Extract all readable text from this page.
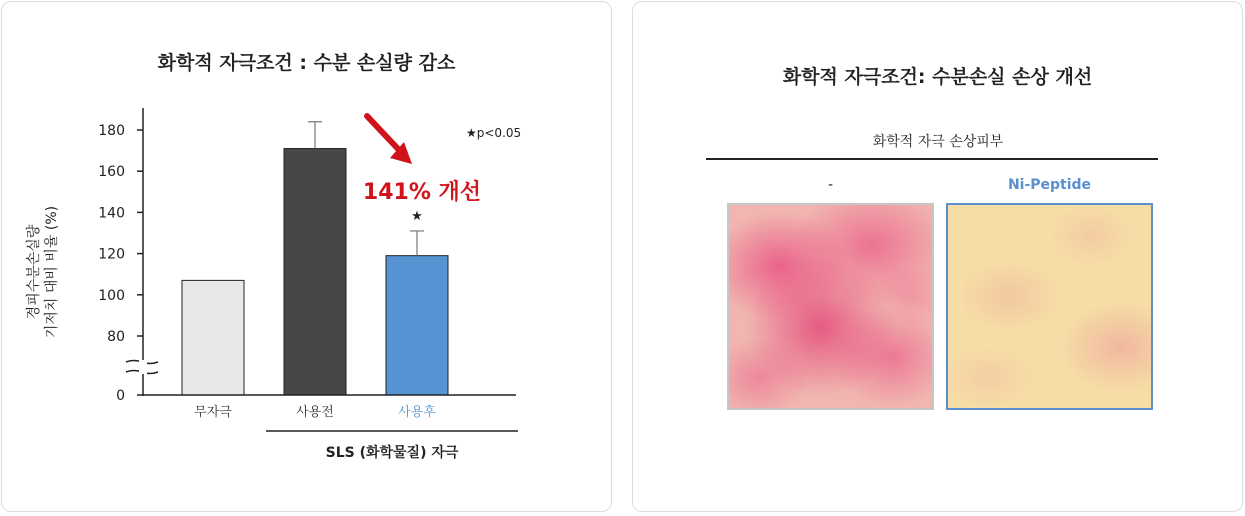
화학적 자극조건 : 수분 손실량 감소
경피수분손실량 기저치 대비 비율 (%)
180
160
140
120
100
80
0
무자극	사용전	사용후
SLS (화학물질) 자극
★p<0.05
141% 개선
★
화학적 자극조건: 수분손실 손상 개선
화학적 자극 손상피부
-	Ni-Peptide
